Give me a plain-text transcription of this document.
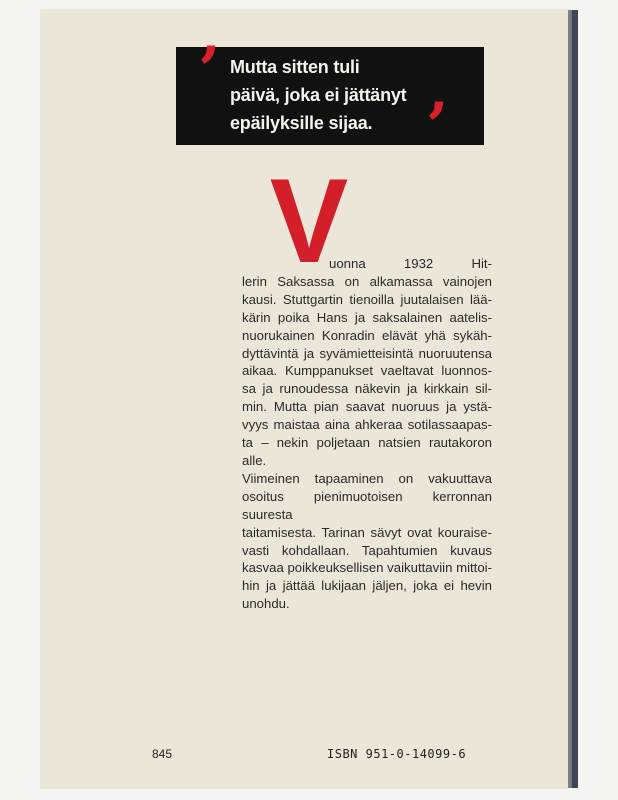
’ Mutta sitten tuli
päivä, joka ei jättänyt
epäilyksille sijaa. ’
V

uonna 1932 Hit-
lerin Saksassa on alkamassa vainojen
kausi. Stuttgartin tienoilla juutalaisen lää-
kärin poika Hans ja saksalainen aatelis-
nuorukainen Konradin elävät yhä sykäh-
dyttävintä ja syvämietteisintä nuoruutensa
aikaa. Kumppanukset vaeltavat luonnos-
sa ja runoudessa näkevin ja kirkkain sil-
min. Mutta pian saavat nuoruus ja ystä-
vyys maistaa aina ahkeraa sotilassaapas-
ta – nekin poljetaan natsien rautakoron
alle.

Viimeinen tapaaminen on vakuuttava
osoitus pienimuotoisen kerronnan suuresta
taitamisesta. Tarinan sävyt ovat kouraise-
vasti kohdallaan. Tapahtumien kuvaus
kasvaa poikkeuksellisen vaikuttaviin mittoi-
hin ja jättää lukijaan jäljen, joka ei hevin
unohdu.

845	ISBN 951-0-14099-6
